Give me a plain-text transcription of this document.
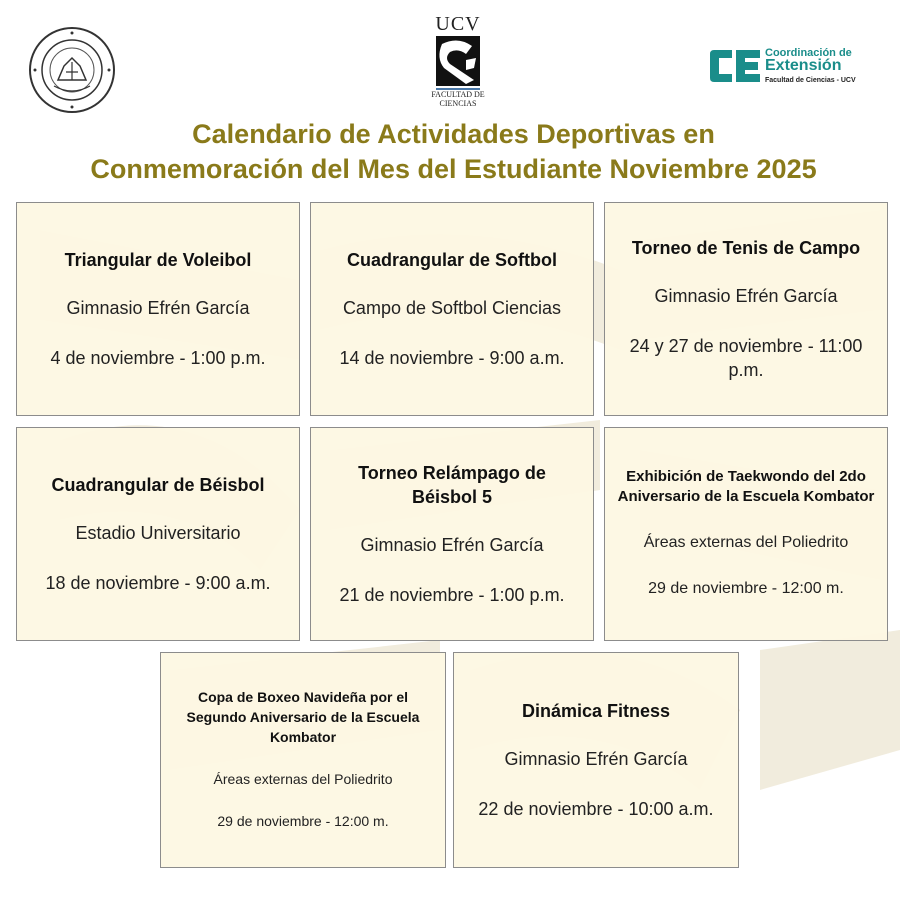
UCV
FACULTAD DE CIENCIAS
Coordinación de
Extensión
Facultad de Ciencias - UCV
Calendario de Actividades Deportivas en
Conmemoración del Mes del Estudiante Noviembre 2025
Triangular de Voleibol
Gimnasio Efrén García
4 de noviembre - 1:00 p.m.
Cuadrangular de Softbol
Campo de Softbol Ciencias
14 de noviembre - 9:00 a.m.
Torneo de Tenis de Campo
Gimnasio Efrén García
24 y 27 de noviembre - 11:00 p.m.
Cuadrangular de Béisbol
Estadio Universitario
18 de noviembre - 9:00 a.m.
Torneo Relámpago de Béisbol 5
Gimnasio Efrén García
21 de noviembre - 1:00 p.m.
Exhibición de Taekwondo del 2do Aniversario de la Escuela Kombator
Áreas externas del Poliedrito
29 de noviembre - 12:00 m.
Copa de Boxeo Navideña por el Segundo Aniversario de la Escuela Kombator
Áreas externas del Poliedrito
29 de noviembre - 12:00 m.
Dinámica Fitness
Gimnasio Efrén García
22 de noviembre - 10:00 a.m.
